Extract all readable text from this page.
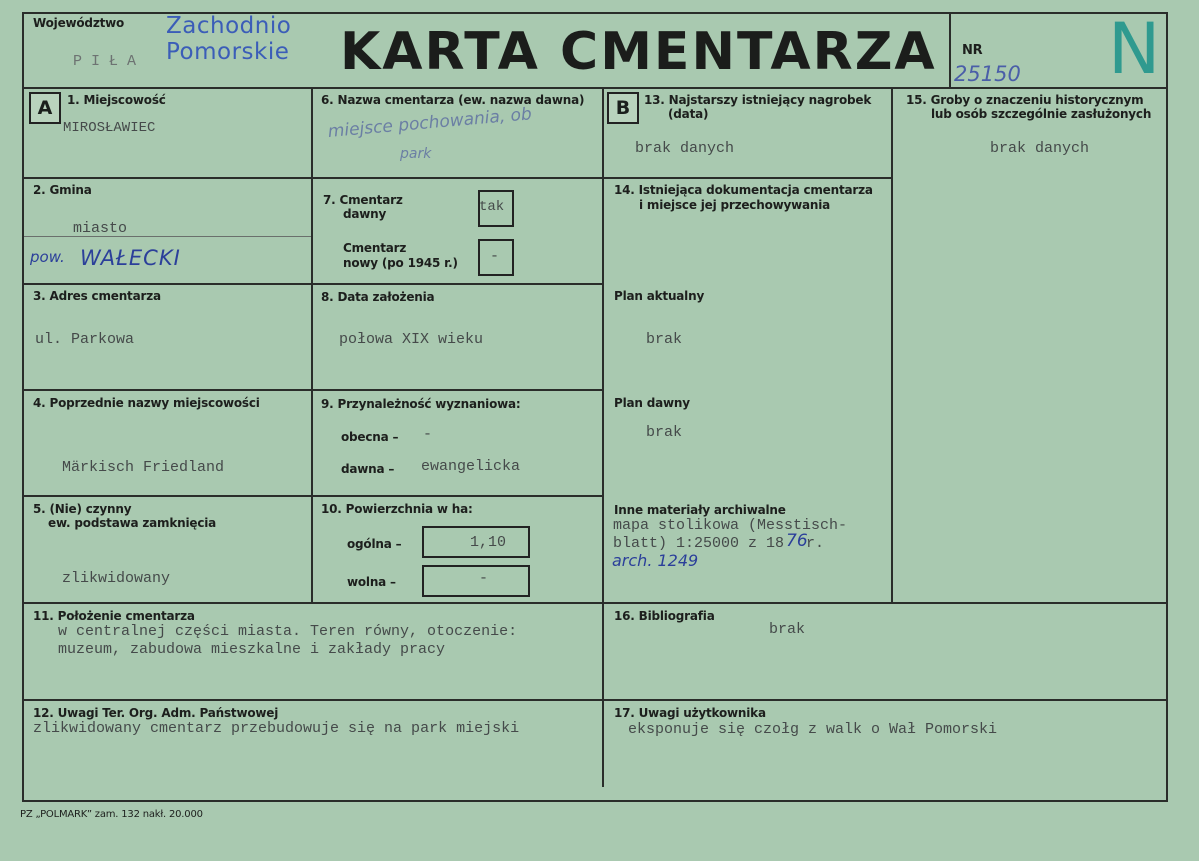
Województwo
PIŁA
Zachodnio
Pomorskie KARTA CMENTARZA NR
25150 N
A	1. Miejscowość
MIROSŁAWIEC
2. Gmina
miasto
pow. WAŁECKI
3. Adres cmentarza
ul. Parkowa
4. Poprzednie nazwy miejscowości
Märkisch Friedland
5. (Nie) czynny
ew. podstawa zamknięcia
zlikwidowany
6. Nazwa cmentarza (ew. nazwa dawna)
miejsce pochowania, ob
park
7. Cmentarz
dawny	tak
Cmentarz
nowy (po 1945 r.) -
8. Data założenia
połowa XIX wieku
9. Przynależność wyznaniowa:
obecna – -
dawna – ewangelicka
10. Powierzchnia w ha:
ogólna –	1,10
wolna –	-
B	13. Najstarszy istniejący nagrobek
(data)
brak danych
14. Istniejąca dokumentacja cmentarza
i miejsce jej przechowywania
Plan aktualny
brak
Plan dawny
brak
Inne materiały archiwalne
mapa stolikowa (Messtisch-
blatt) 1:25000 z 18 76
r.
arch. 1249
15. Groby o znaczeniu historycznym
lub osób szczególnie zasłużonych
brak danych
11. Położenie cmentarza
w centralnej części miasta. Teren równy, otoczenie:
muzeum, zabudowa mieszkalne i zakłady pracy
16. Bibliografia
brak
12. Uwagi Ter. Org. Adm. Państwowej
zlikwidowany cmentarz przebudowuje się na park miejski
17. Uwagi użytkownika
eksponuje się czołg z walk o Wał Pomorski
PZ „POLMARK” zam. 132 nakł. 20.000
